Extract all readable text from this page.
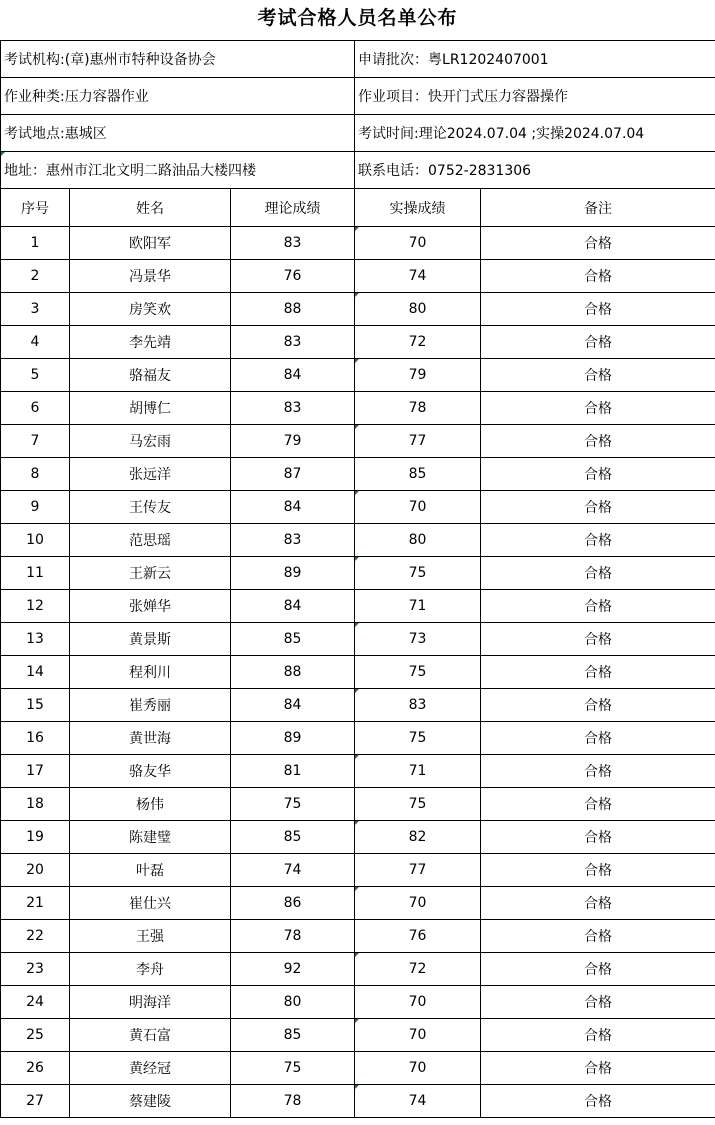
考试合格人员名单公布
考试机构:(章)惠州市特种设备协会			申请批次：粤LR1202407001	
作业种类:压力容器作业			作业项目：快开门式压力容器操作	
考试地点:惠城区			考试时间:理论2024.07.04 ;实操2024.07.04	
地址：惠州市江北文明二路油品大楼四楼			联系电话：0752-2831306	
序号	姓名	理论成绩	实操成绩	备注
1	欧阳军	83	70	合格
2	冯景华	76	74	合格
3	房笑欢	88	80	合格
4	李先靖	83	72	合格
5	骆福友	84	79	合格
6	胡博仁	83	78	合格
7	马宏雨	79	77	合格
8	张远洋	87	85	合格
9	王传友	84	70	合格
10	范思瑶	83	80	合格
11	王新云	89	75	合格
12	张婵华	84	71	合格
13	黄景斯	85	73	合格
14	程利川	88	75	合格
15	崔秀丽	84	83	合格
16	黄世海	89	75	合格
17	骆友华	81	71	合格
18	杨伟	75	75	合格
19	陈建璧	85	82	合格
20	叶磊	74	77	合格
21	崔仕兴	86	70	合格
22	王强	78	76	合格
23	李舟	92	72	合格
24	明海洋	80	70	合格
25	黄石富	85	70	合格
26	黄经冠	75	70	合格
27	蔡建陵	78	74	合格
